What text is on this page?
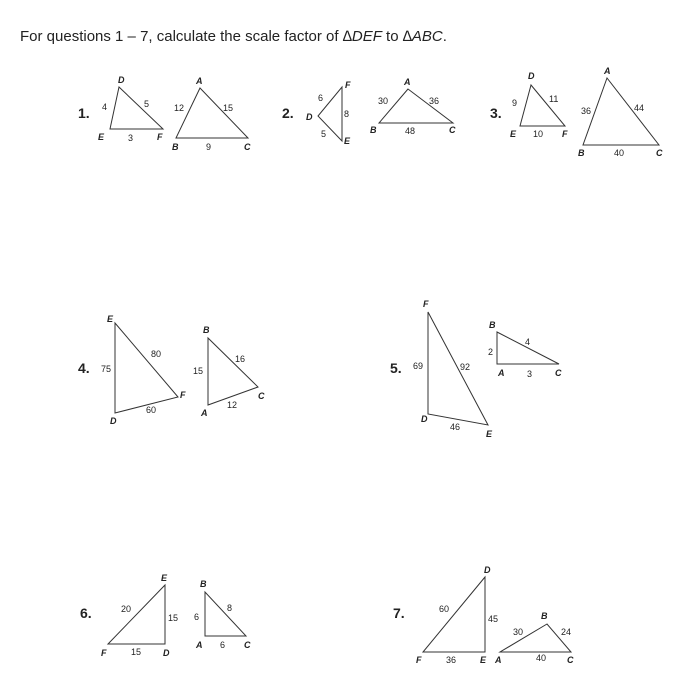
For questions 1 – 7, calculate the scale factor of ∆DEF to ∆ABC.
1.
D
E	F
4	5
3
A
B	C
12	15
9
2. D
F
E
6
8
5
A
B	C
30	36
48
3.
D
E	F
9	11
10
A
B	C
36	44
40
4.
E
D
F
75
80
60
B
A
C
15
16
12
5.
F
D
E
69	92
46
B
A	C
2
4
3
6.
E
F	D
20
15
15
B
A	C
6
8
6
7.
D
F	E
60
45
36
B
A	C
30	24
40
